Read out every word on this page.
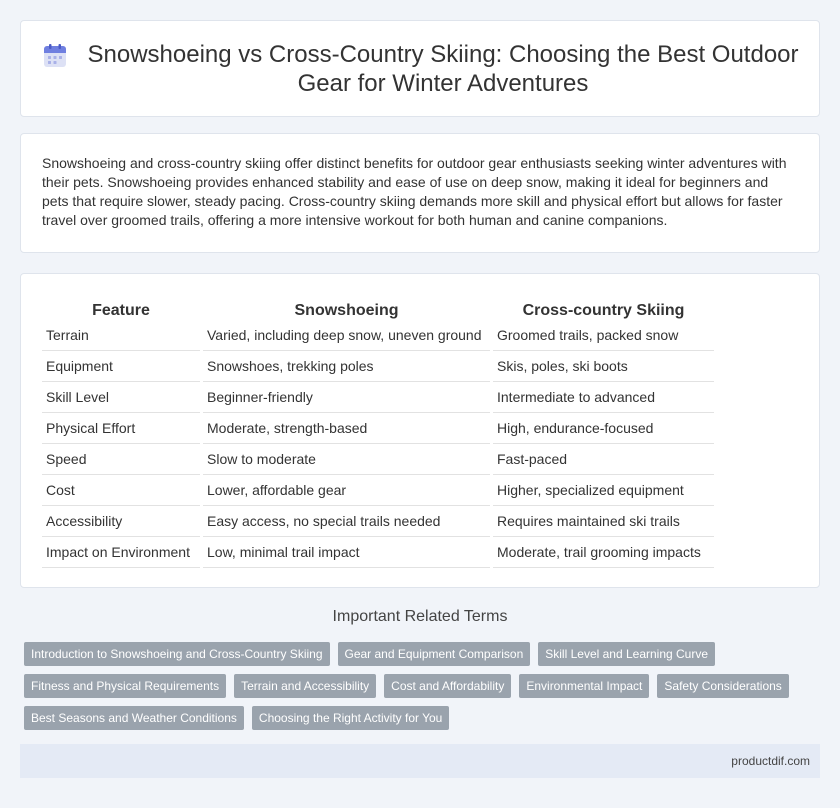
Snowshoeing vs Cross-Country Skiing: Choosing the Best Outdoor Gear for Winter Adventures

Snowshoeing and cross-country skiing offer distinct benefits for outdoor gear enthusiasts seeking winter adventures with their pets. Snowshoeing provides enhanced stability and ease of use on deep snow, making it ideal for beginners and pets that require slower, steady pacing. Cross-country skiing demands more skill and physical effort but allows for faster travel over groomed trails, offering a more intensive workout for both human and canine companions.

Feature	Snowshoeing	Cross-country Skiing
Terrain	Varied, including deep snow, uneven ground	Groomed trails, packed snow
Equipment	Snowshoes, trekking poles	Skis, poles, ski boots
Skill Level	Beginner-friendly	Intermediate to advanced
Physical Effort	Moderate, strength-based	High, endurance-focused
Speed	Slow to moderate	Fast-paced
Cost	Lower, affordable gear	Higher, specialized equipment
Accessibility	Easy access, no special trails needed	Requires maintained ski trails
Impact on Environment	Low, minimal trail impact	Moderate, trail grooming impacts
Important Related Terms
Introduction to Snowshoeing and Cross-Country Skiing	Gear and Equipment Comparison	Skill Level and Learning Curve
Fitness and Physical Requirements	Terrain and Accessibility	Cost and Affordability	Environmental Impact	Safety Considerations
Best Seasons and Weather Conditions	Choosing the Right Activity for You
productdif.com
